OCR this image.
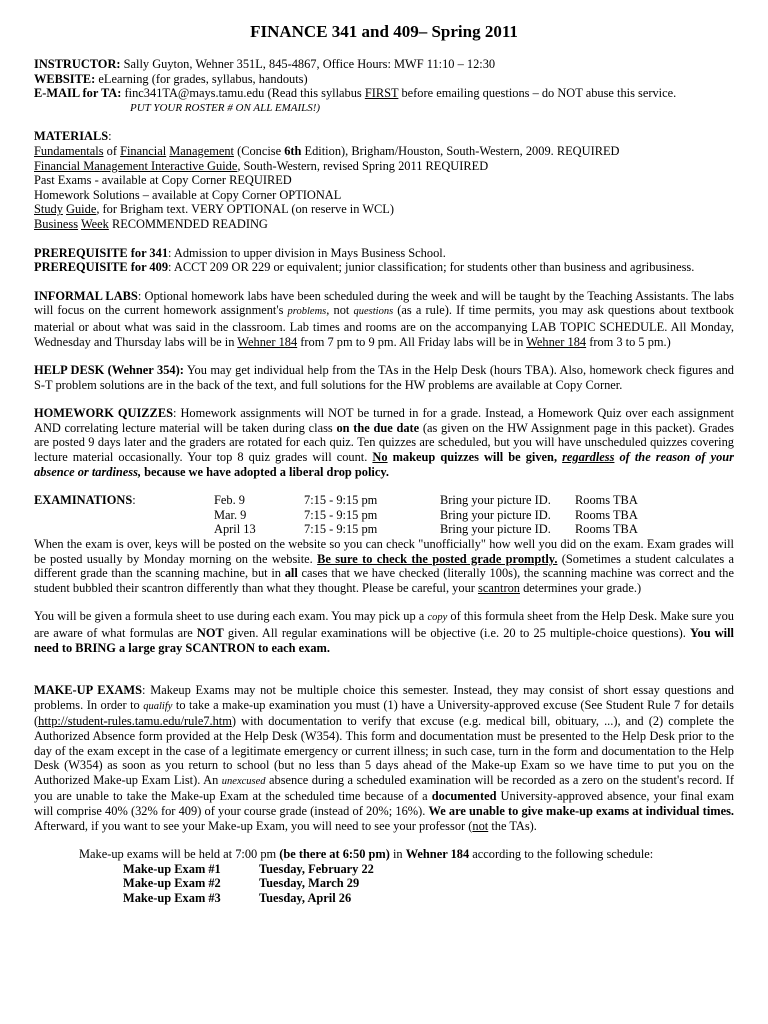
FINANCE 341 and 409– Spring 2011
INSTRUCTOR: Sally Guyton, Wehner 351L, 845-4867, Office Hours: MWF 11:10 – 12:30
WEBSITE: eLearning (for grades, syllabus, handouts)
E-MAIL for TA: finc341TA@mays.tamu.edu (Read this syllabus FIRST before emailing questions – do NOT abuse this service.
PUT YOUR ROSTER # ON ALL EMAILS!)
MATERIALS:
Fundamentals of Financial Management (Concise 6th Edition), Brigham/Houston, South-Western, 2009. REQUIRED
Financial Management Interactive Guide, South-Western, revised Spring 2011 REQUIRED
Past Exams - available at Copy Corner REQUIRED
Homework Solutions – available at Copy Corner OPTIONAL
Study Guide, for Brigham text. VERY OPTIONAL (on reserve in WCL)
Business Week RECOMMENDED READING
PREREQUISITE for 341: Admission to upper division in Mays Business School.
PREREQUISITE for 409: ACCT 209 OR 229 or equivalent; junior classification; for students other than business and agribusiness.

INFORMAL LABS: Optional homework labs have been scheduled during the week and will be taught by the Teaching Assistants. The labs will focus on the current homework assignment's problems, not questions (as a rule). If time permits, you may ask questions about textbook material or about what was said in the classroom. Lab times and rooms are on the accompanying LAB TOPIC SCHEDULE. All Monday, Wednesday and Thursday labs will be in Wehner 184 from 7 pm to 9 pm. All Friday labs will be in Wehner 184 from 3 to 5 pm.)

HELP DESK (Wehner 354): You may get individual help from the TAs in the Help Desk (hours TBA). Also, homework check figures and S-T problem solutions are in the back of the text, and full solutions for the HW problems are available at Copy Corner.

HOMEWORK QUIZZES: Homework assignments will NOT be turned in for a grade. Instead, a Homework Quiz over each assignment AND correlating lecture material will be taken during class on the due date (as given on the HW Assignment page in this packet). Grades are posted 9 days later and the graders are rotated for each quiz. Ten quizzes are scheduled, but you will have unscheduled quizzes covering lecture material occasionally. Your top 8 quiz grades will count. No makeup quizzes will be given, regardless of the reason of your absence or tardiness, because we have adopted a liberal drop policy.

EXAMINATIONS:	Feb. 9	7:15 - 9:15 pm	Bring your picture ID.	Rooms TBA
	Mar. 9	7:15 - 9:15 pm	Bring your picture ID.	Rooms TBA
	April 13	7:15 - 9:15 pm	Bring your picture ID.	Rooms TBA

When the exam is over, keys will be posted on the website so you can check "unofficially" how well you did on the exam. Exam grades will be posted usually by Monday morning on the website. Be sure to check the posted grade promptly. (Sometimes a student calculates a different grade than the scanning machine, but in all cases that we have checked (literally 100s), the scanning machine was correct and the student bubbled their scantron differently than what they thought. Please be careful, your scantron determines your grade.)

You will be given a formula sheet to use during each exam. You may pick up a copy of this formula sheet from the Help Desk. Make sure you are aware of what formulas are NOT given. All regular examinations will be objective (i.e. 20 to 25 multiple-choice questions). You will need to BRING a large gray SCANTRON to each exam.

MAKE-UP EXAMS: Makeup Exams may not be multiple choice this semester. Instead, they may consist of short essay questions and problems. In order to qualify to take a make-up examination you must (1) have a University-approved excuse (See Student Rule 7 for details (http://student-rules.tamu.edu/rule7.htm) with documentation to verify that excuse (e.g. medical bill, obituary, ...), and (2) complete the Authorized Absence form provided at the Help Desk (W354). This form and documentation must be presented to the Help Desk prior to the day of the exam except in the case of a legitimate emergency or current illness; in such case, turn in the form and documentation to the Help Desk (W354) as soon as you return to school (but no less than 5 days ahead of the Make-up Exam so we have time to put you on the Authorized Make-up Exam List). An unexcused absence during a scheduled examination will be recorded as a zero on the student's record. If you are unable to take the Make-up Exam at the scheduled time because of a documented University-approved absence, your final exam will comprise 40% (32% for 409) of your course grade (instead of 20%; 16%). We are unable to give make-up exams at individual times. Afterward, if you want to see your Make-up Exam, you will need to see your professor (not the TAs).

Make-up exams will be held at 7:00 pm (be there at 6:50 pm) in Wehner 184 according to the following schedule:
Make-up Exam #1	Tuesday, February 22
Make-up Exam #2	Tuesday, March 29
Make-up Exam #3	Tuesday, April 26
